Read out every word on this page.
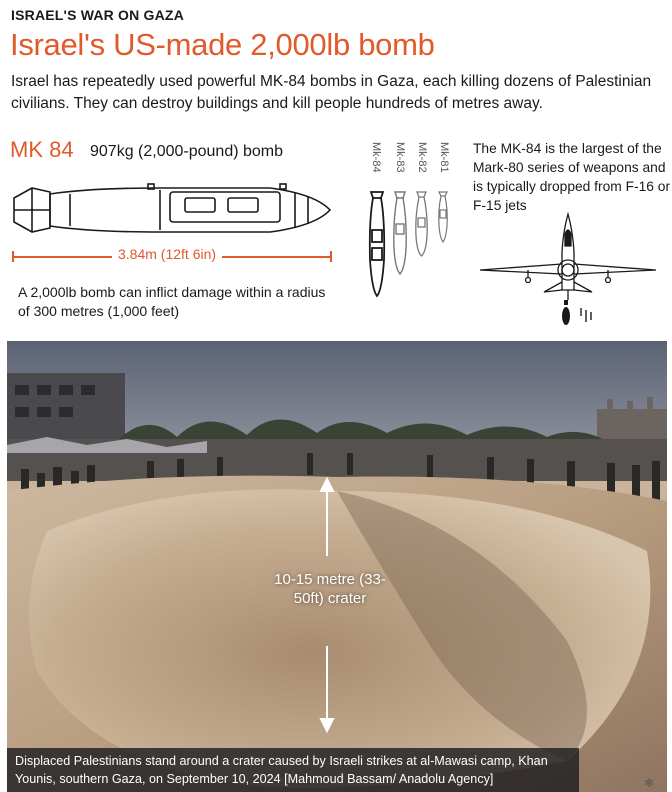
ISRAEL'S WAR ON GAZA
Israel's US-made 2,000lb bomb
Israel has repeatedly used powerful MK-84 bombs in Gaza, each killing dozens of Palestinian civilians. They can destroy buildings and kill people hundreds of metres away.
MK 84 907kg (2,000-pound) bomb
3.84m (12ft 6in)
A 2,000lb bomb can inflict damage within a radius of 300 metres (1,000 feet)
Mk-84 Mk-83 Mk-82 Mk-81 The MK-84 is the largest of the Mark-80 series of weapons and is typically dropped from F-16 or F-15 jets
10-15 metre (33-50ft) crater
Displaced Palestinians stand around a crater caused by Israeli strikes at al-Mawasi camp, Khan Younis, southern Gaza, on September 10, 2024 [Mahmoud Bassam/ Anadolu Agency]	❄
